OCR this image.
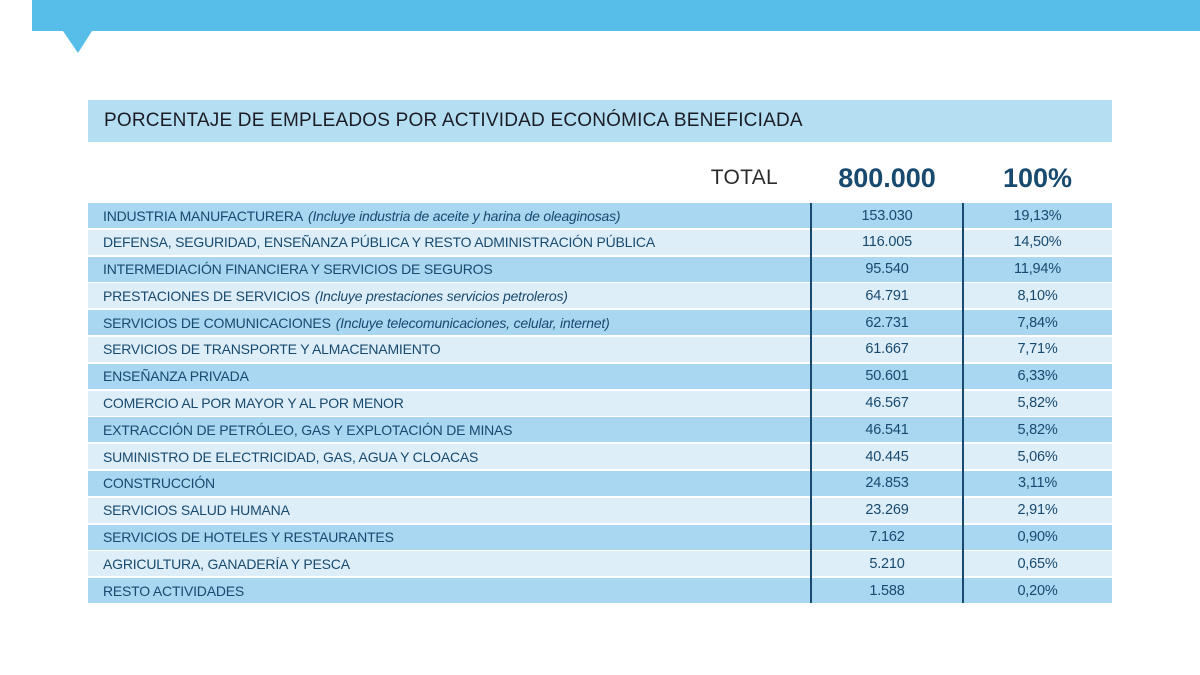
PORCENTAJE DE EMPLEADOS POR ACTIVIDAD ECONÓMICA BENEFICIADA
TOTAL	800.000	100%
INDUSTRIA MANUFACTURERA (Incluye industria de aceite y harina de oleaginosas)	153.030	19,13%
DEFENSA, SEGURIDAD, ENSEÑANZA PÚBLICA Y RESTO ADMINISTRACIÓN PÚBLICA	116.005	14,50%
INTERMEDIACIÓN FINANCIERA Y SERVICIOS DE SEGUROS	95.540	11,94%
PRESTACIONES DE SERVICIOS (Incluye prestaciones servicios petroleros)	64.791	8,10%
SERVICIOS DE COMUNICACIONES (Incluye telecomunicaciones, celular, internet)	62.731	7,84%
SERVICIOS DE TRANSPORTE Y ALMACENAMIENTO	61.667	7,71%
ENSEÑANZA PRIVADA	50.601	6,33%
COMERCIO AL POR MAYOR Y AL POR MENOR	46.567	5,82%
EXTRACCIÓN DE PETRÓLEO, GAS Y EXPLOTACIÓN DE MINAS	46.541	5,82%
SUMINISTRO DE ELECTRICIDAD, GAS, AGUA Y CLOACAS	40.445	5,06%
CONSTRUCCIÓN	24.853	3,11%
SERVICIOS SALUD HUMANA	23.269	2,91%
SERVICIOS DE HOTELES Y RESTAURANTES	7.162	0,90%
AGRICULTURA, GANADERÍA Y PESCA	5.210	0,65%
RESTO ACTIVIDADES	1.588	0,20%
